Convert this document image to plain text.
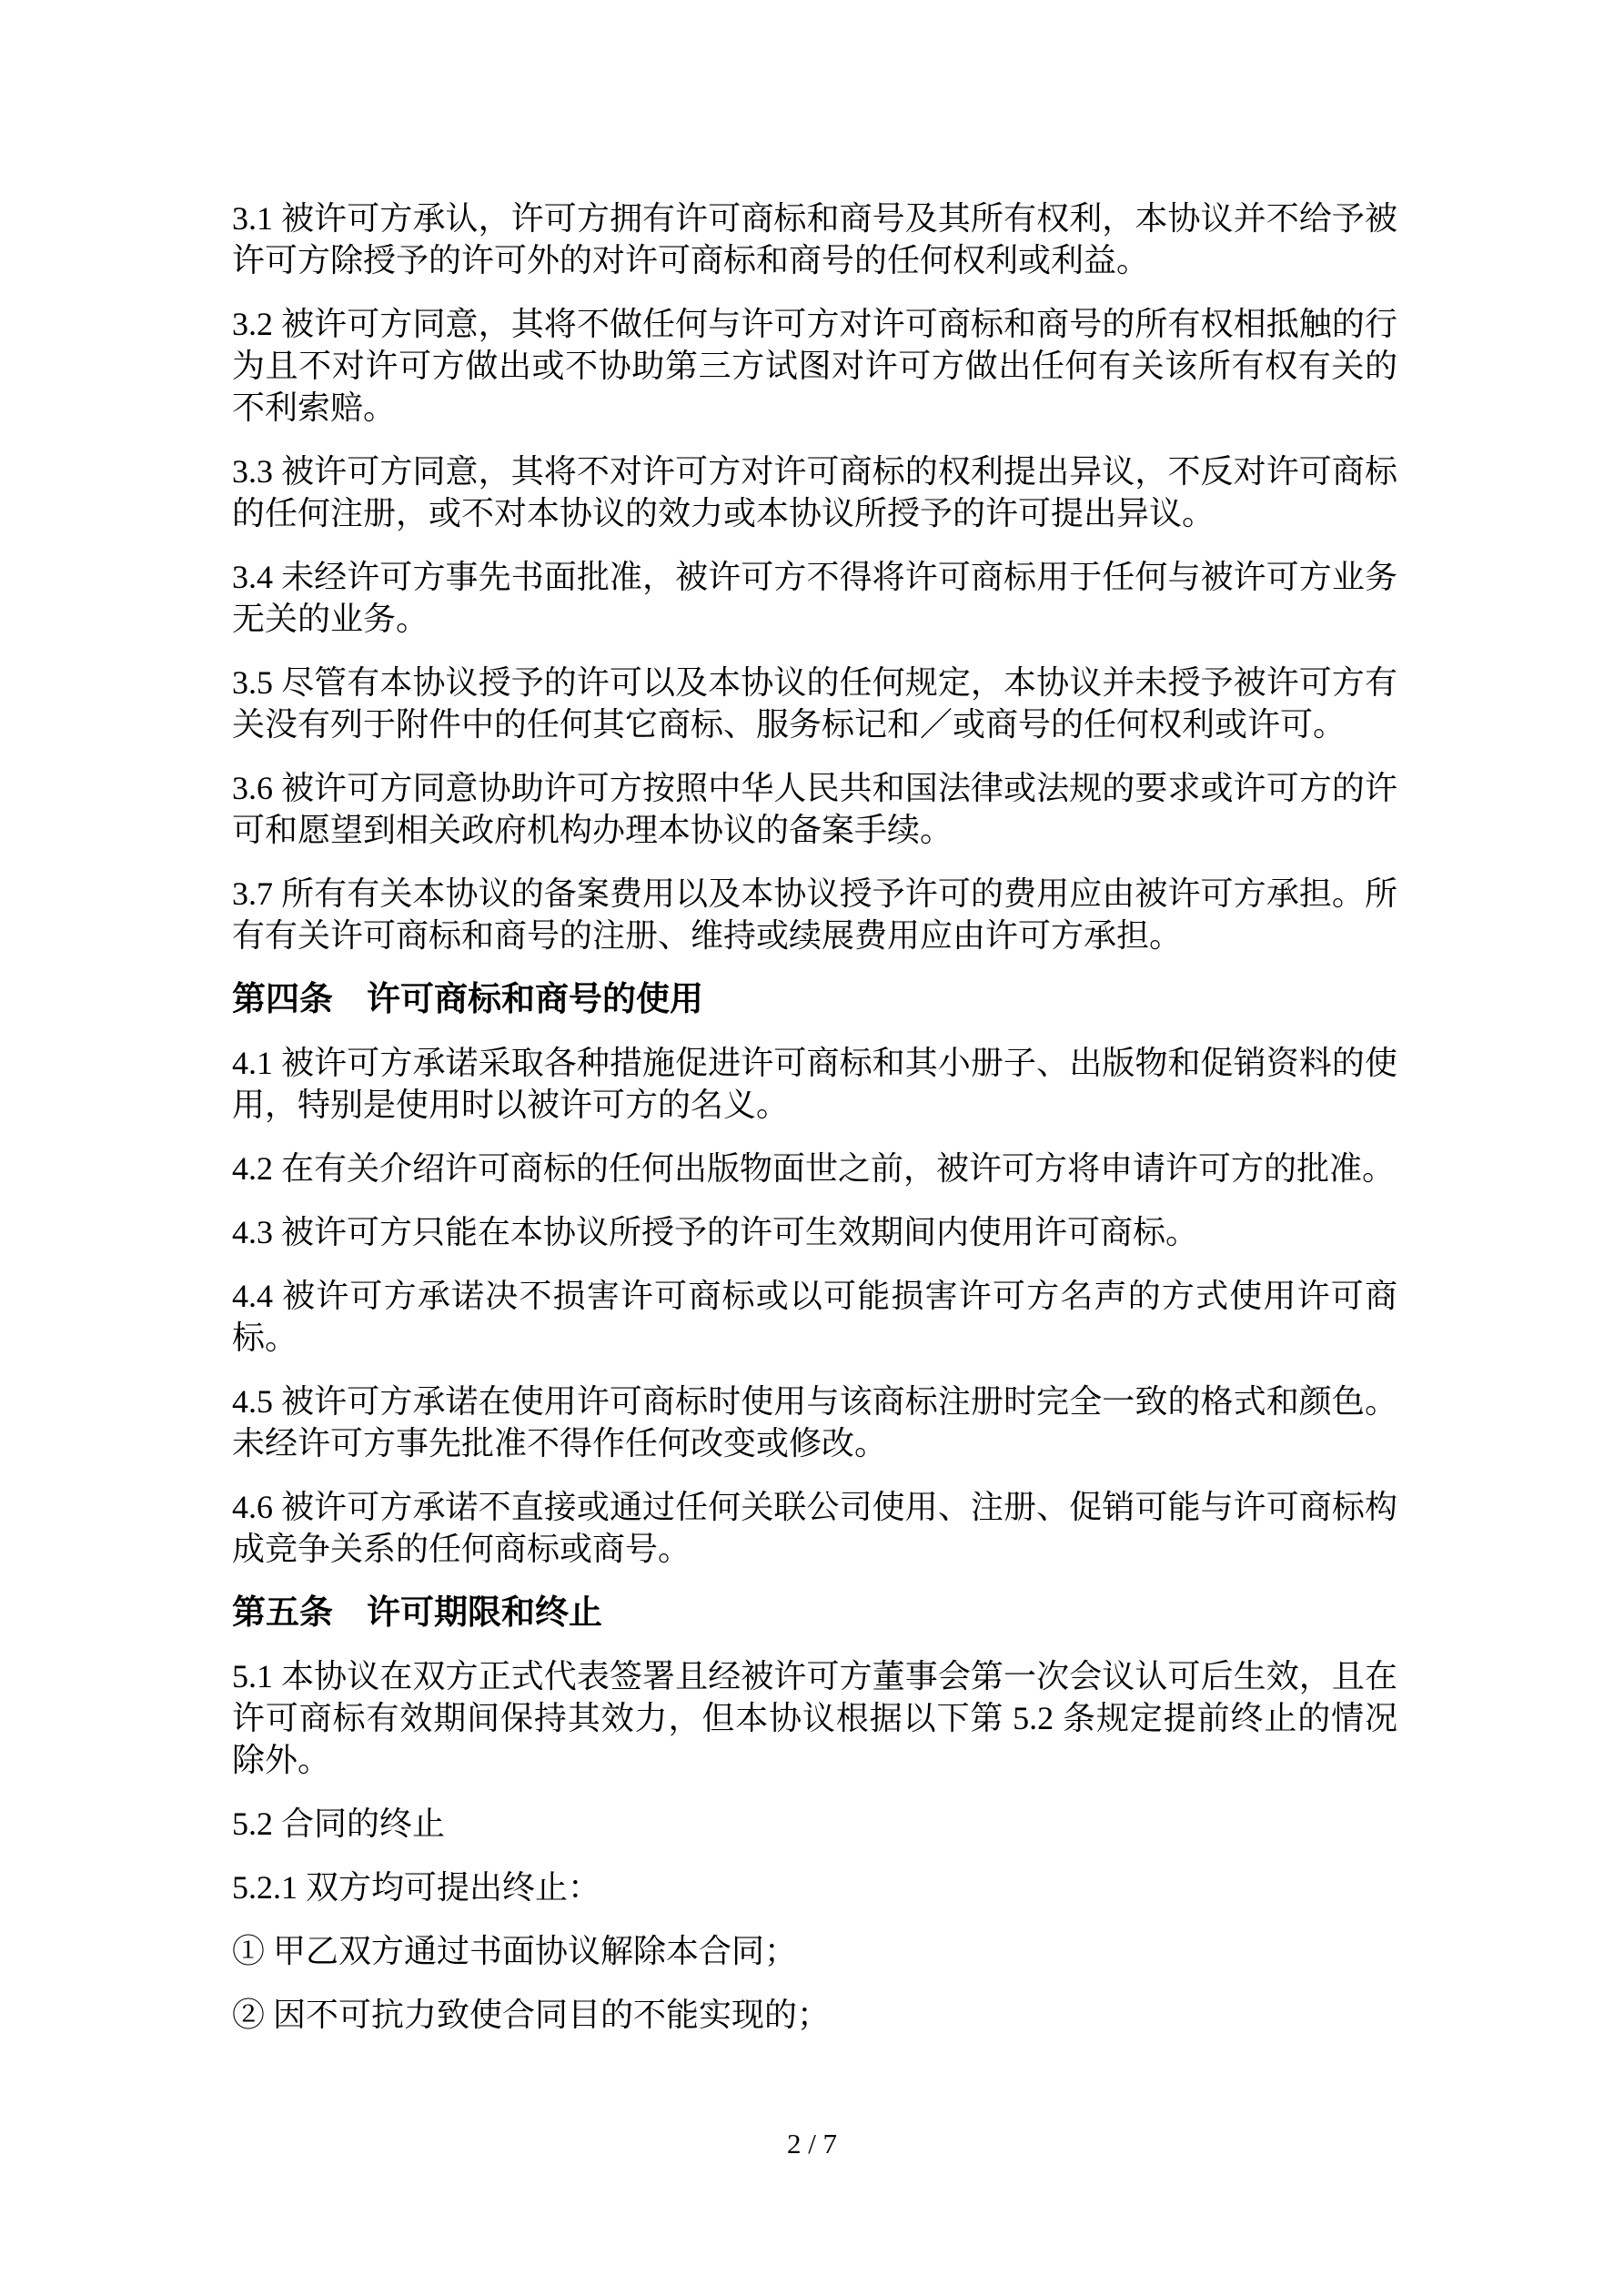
3.1 被许可方承认，许可方拥有许可商标和商号及其所有权利，本协议并不给予被许可方除授予的许可外的对许可商标和商号的任何权利或利益。

3.2 被许可方同意，其将不做任何与许可方对许可商标和商号的所有权相抵触的行为且不对许可方做出或不协助第三方试图对许可方做出任何有关该所有权有关的不利索赔。

3.3 被许可方同意，其将不对许可方对许可商标的权利提出异议，不反对许可商标的任何注册，或不对本协议的效力或本协议所授予的许可提出异议。

3.4 未经许可方事先书面批准，被许可方不得将许可商标用于任何与被许可方业务无关的业务。

3.5 尽管有本协议授予的许可以及本协议的任何规定，本协议并未授予被许可方有关没有列于附件中的任何其它商标、服务标记和／或商号的任何权利或许可。

3.6 被许可方同意协助许可方按照中华人民共和国法律或法规的要求或许可方的许可和愿望到相关政府机构办理本协议的备案手续。

3.7 所有有关本协议的备案费用以及本协议授予许可的费用应由被许可方承担。所有有关许可商标和商号的注册、维持或续展费用应由许可方承担。

第四条　许可商标和商号的使用

4.1 被许可方承诺采取各种措施促进许可商标和其小册子、出版物和促销资料的使用，特别是使用时以被许可方的名义。

4.2 在有关介绍许可商标的任何出版物面世之前，被许可方将申请许可方的批准。

4.3 被许可方只能在本协议所授予的许可生效期间内使用许可商标。

4.4 被许可方承诺决不损害许可商标或以可能损害许可方名声的方式使用许可商标。

4.5 被许可方承诺在使用许可商标时使用与该商标注册时完全一致的格式和颜色。未经许可方事先批准不得作任何改变或修改。

4.6 被许可方承诺不直接或通过任何关联公司使用、注册、促销可能与许可商标构成竞争关系的任何商标或商号。

第五条　许可期限和终止

5.1 本协议在双方正式代表签署且经被许可方董事会第一次会议认可后生效，且在许可商标有效期间保持其效力，但本协议根据以下第 5.2 条规定提前终止的情况除外。

5.2 合同的终止

5.2.1 双方均可提出终止：

① 甲乙双方通过书面协议解除本合同；

② 因不可抗力致使合同目的不能实现的；

2 / 7
